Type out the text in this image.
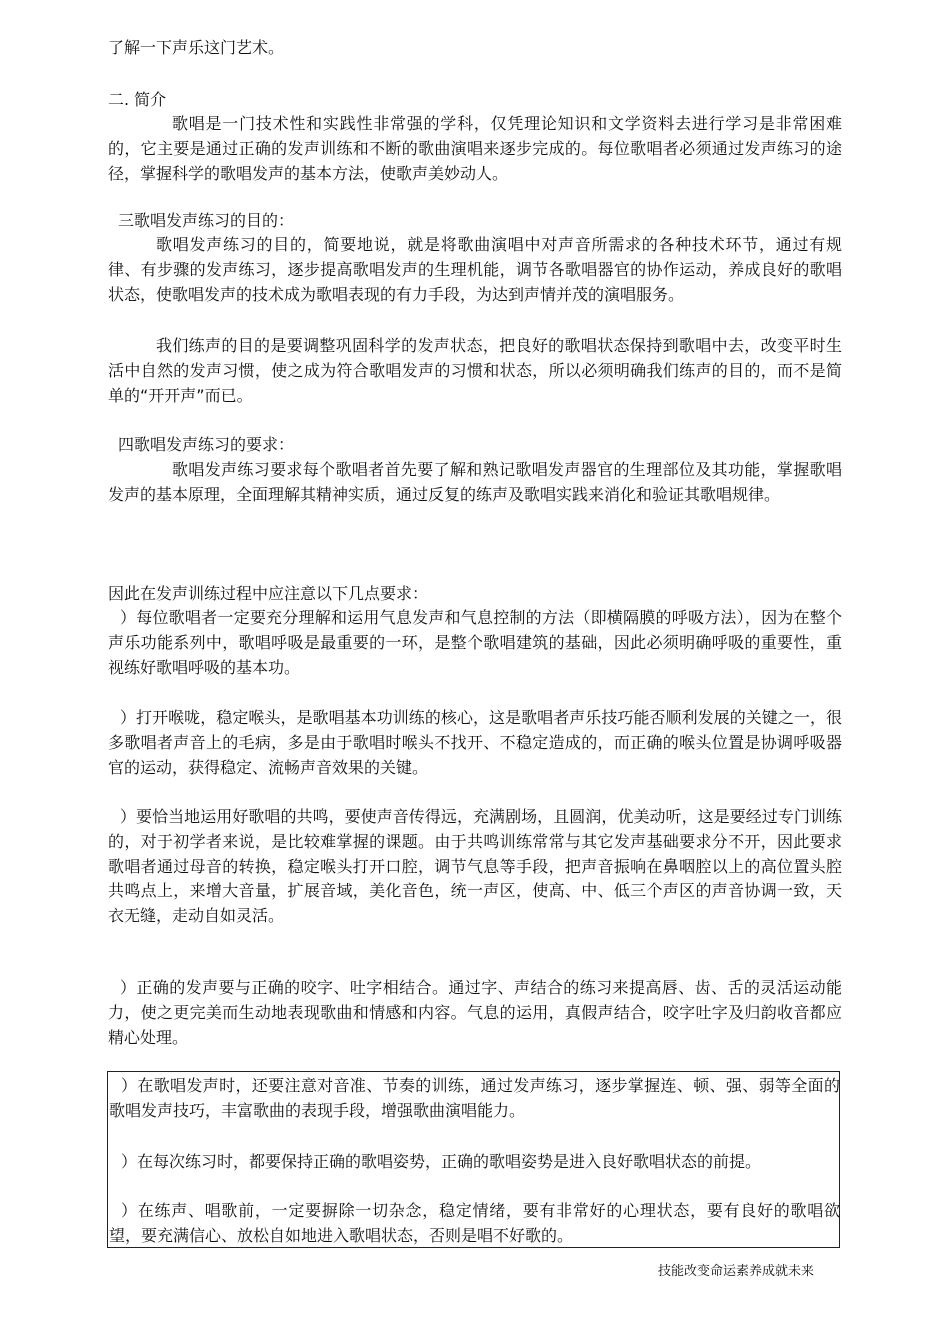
了解一下声乐这门艺术。

二. 简介

歌唱是一门技术性和实践性非常强的学科，仅凭理论知识和文学资料去进行学习是非常困难的，它主要是通过正确的发声训练和不断的歌曲演唱来逐步完成的。每位歌唱者必须通过发声练习的途径，掌握科学的歌唱发声的基本方法，使歌声美妙动人。

三歌唱发声练习的目的：

歌唱发声练习的目的，简要地说，就是将歌曲演唱中对声音所需求的各种技术环节，通过有规律、有步骤的发声练习，逐步提高歌唱发声的生理机能，调节各歌唱器官的协作运动，养成良好的歌唱状态，使歌唱发声的技术成为歌唱表现的有力手段，为达到声情并茂的演唱服务。

我们练声的目的是要调整巩固科学的发声状态，把良好的歌唱状态保持到歌唱中去，改变平时生活中自然的发声习惯，使之成为符合歌唱发声的习惯和状态，所以必须明确我们练声的目的，而不是简单的“开开声”而已。

四歌唱发声练习的要求：

歌唱发声练习要求每个歌唱者首先要了解和熟记歌唱发声器官的生理部位及其功能，掌握歌唱发声的基本原理，全面理解其精神实质，通过反复的练声及歌唱实践来消化和验证其歌唱规律。

因此在发声训练过程中应注意以下几点要求：

）每位歌唱者一定要充分理解和运用气息发声和气息控制的方法（即横隔膜的呼吸方法），因为在整个声乐功能系列中，歌唱呼吸是最重要的一环，是整个歌唱建筑的基础，因此必须明确呼吸的重要性，重视练好歌唱呼吸的基本功。

）打开喉咙，稳定喉头，是歌唱基本功训练的核心，这是歌唱者声乐技巧能否顺利发展的关键之一，很多歌唱者声音上的毛病，多是由于歌唱时喉头不找开、不稳定造成的，而正确的喉头位置是协调呼吸器官的运动，获得稳定、流畅声音效果的关键。

）要恰当地运用好歌唱的共鸣，要使声音传得远，充满剧场，且圆润，优美动听，这是要经过专门训练的，对于初学者来说，是比较难掌握的课题。由于共鸣训练常常与其它发声基础要求分不开，因此要求歌唱者通过母音的转换，稳定喉头打开口腔，调节气息等手段，把声音振响在鼻咽腔以上的高位置头腔共鸣点上，来增大音量，扩展音域，美化音色，统一声区，使高、中、低三个声区的声音协调一致，天衣无缝，走动自如灵活。

）正确的发声要与正确的咬字、吐字相结合。通过字、声结合的练习来提高唇、齿、舌的灵活运动能力，使之更完美而生动地表现歌曲和情感和内容。气息的运用，真假声结合，咬字吐字及归韵收音都应精心处理。

）在歌唱发声时，还要注意对音准、节奏的训练，通过发声练习，逐步掌握连、顿、强、弱等全面的歌唱发声技巧，丰富歌曲的表现手段，增强歌曲演唱能力。

）在每次练习时，都要保持正确的歌唱姿势，正确的歌唱姿势是进入良好歌唱状态的前提。

）在练声、唱歌前，一定要摒除一切杂念，稳定情绪，要有非常好的心理状态，要有良好的歌唱欲望，要充满信心、放松自如地进入歌唱状态，否则是唱不好歌的。

技能改变命运素养成就未来
